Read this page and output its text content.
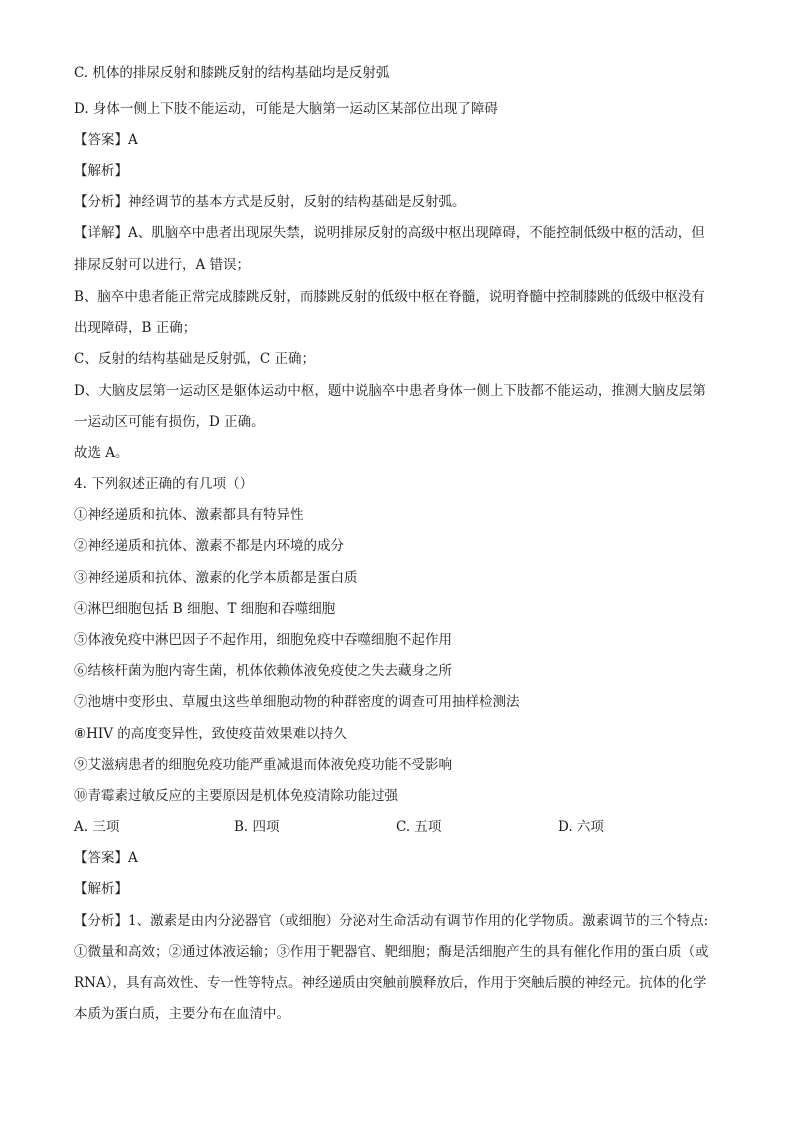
C. 机体的排尿反射和膝跳反射的结构基础均是反射弧
D. 身体一侧上下肢不能运动，可能是大脑第一运动区某部位出现了障碍
【答案】A
【解析】
【分析】神经调节的基本方式是反射，反射的结构基础是反射弧。
【详解】A、肌脑卒中患者出现尿失禁，说明排尿反射的高级中枢出现障碍，不能控制低级中枢的活动，但
排尿反射可以进行，A 错误；
B、脑卒中患者能正常完成膝跳反射，而膝跳反射的低级中枢在脊髓，说明脊髓中控制膝跳的低级中枢没有
出现障碍，B 正确；
C、反射的结构基础是反射弧，C 正确；
D、大脑皮层第一运动区是躯体运动中枢，题中说脑卒中患者身体一侧上下肢都不能运动，推测大脑皮层第
一运动区可能有损伤，D 正确。
故选 A。
4. 下列叙述正确的有几项（）
①神经递质和抗体、激素都具有特异性
②神经递质和抗体、激素不都是内环境的成分
③神经递质和抗体、激素的化学本质都是蛋白质
④淋巴细胞包括 B 细胞、T 细胞和吞噬细胞
⑤体液免疫中淋巴因子不起作用，细胞免疫中吞噬细胞不起作用
⑥结核杆菌为胞内寄生菌，机体依赖体液免疫使之失去藏身之所
⑦池塘中变形虫、草履虫这些单细胞动物的种群密度的调查可用抽样检测法
⑧HIV 的高度变异性，致使疫苗效果难以持久
⑨艾滋病患者的细胞免疫功能严重减退而体液免疫功能不受影响
⑩青霉素过敏反应的主要原因是机体免疫清除功能过强
A. 三项	B. 四项	C. 五项	D. 六项
【答案】A
【解析】
【分析】1、激素是由内分泌器官（或细胞）分泌对生命活动有调节作用的化学物质。激素调节的三个特点:
①微量和高效；②通过体液运输；③作用于靶器官、靶细胞；酶是活细胞产生的具有催化作用的蛋白质（或
RNA），具有高效性、专一性等特点。神经递质由突触前膜释放后，作用于突触后膜的神经元。抗体的化学
本质为蛋白质，主要分布在血清中。
